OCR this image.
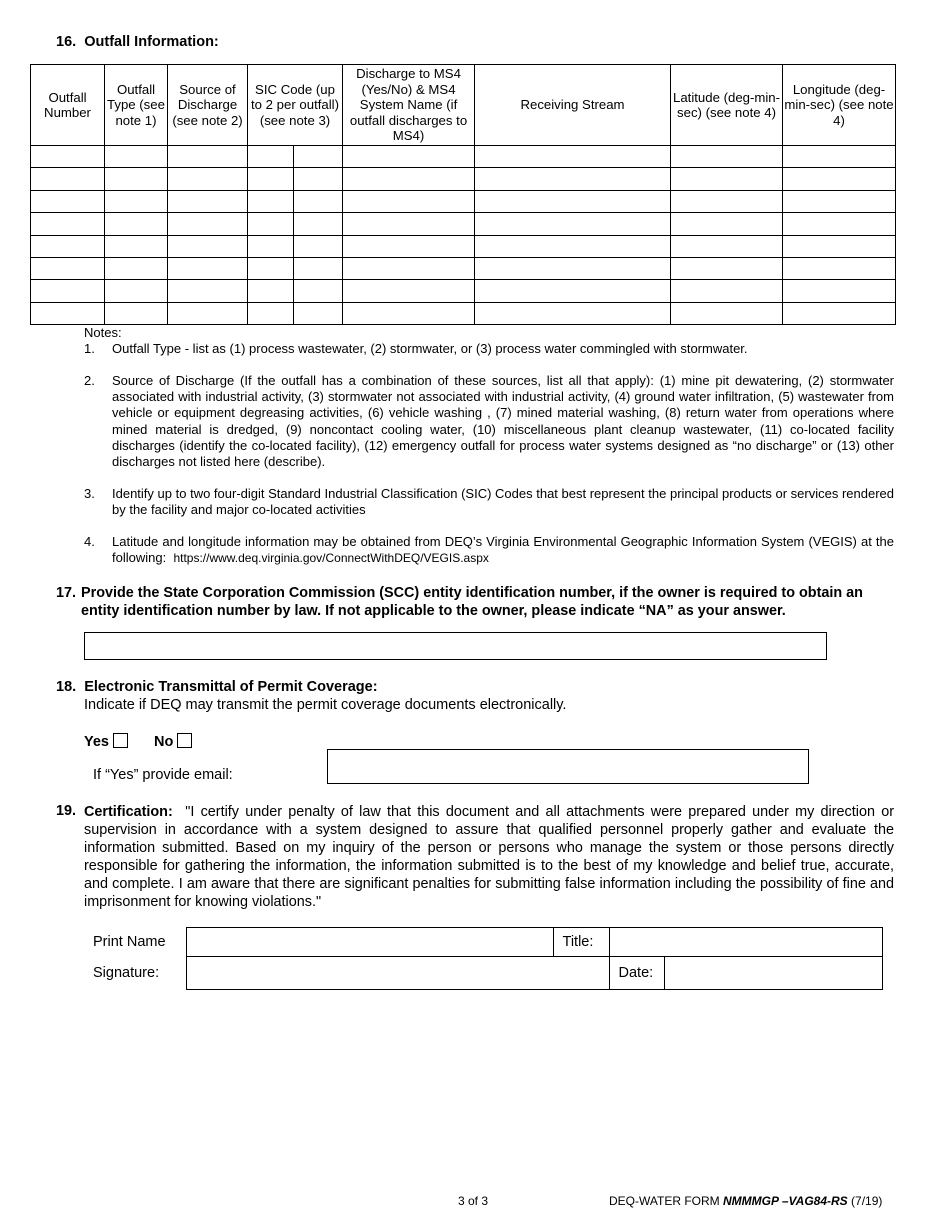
16. Outfall Information:
Outfall Number	Outfall Type (see note 1)	Source of Discharge (see note 2)	SIC Code (up to 2 per outfall) (see note 3)		Discharge to MS4 (Yes/No) & MS4 System Name (if outfall discharges to MS4)	Receiving Stream	Latitude (deg-min-sec) (see note 4)	Longitude (deg-min-sec) (see note 4)

Notes:
1. Outfall Type - list as (1) process wastewater, (2) stormwater, or (3) process water commingled with stormwater.
2. Source of Discharge (If the outfall has a combination of these sources, list all that apply): (1) mine pit dewatering, (2) stormwater associated with industrial activity, (3) stormwater not associated with industrial activity, (4) ground water infiltration, (5) wastewater from vehicle or equipment degreasing activities, (6) vehicle washing , (7) mined material washing, (8) return water from operations where mined material is dredged, (9) noncontact cooling water, (10) miscellaneous plant cleanup wastewater, (11) co-located facility discharges (identify the co-located facility), (12) emergency outfall for process water systems designed as “no discharge” or (13) other discharges not listed here (describe).
3. Identify up to two four-digit Standard Industrial Classification (SIC) Codes that best represent the principal products or services rendered by the facility and major co-located activities
4. Latitude and longitude information may be obtained from DEQ’s Virginia Environmental Geographic Information System (VEGIS) at the following: https://www.deq.virginia.gov/ConnectWithDEQ/VEGIS.aspx
17. Provide the State Corporation Commission (SCC) entity identification number, if the owner is required to obtain an entity identification number by law. If not applicable to the owner, please indicate “NA” as your answer.
18. Electronic Transmittal of Permit Coverage:
Indicate if DEQ may transmit the permit coverage documents electronically.
Yes	No
If “Yes” provide email:
19. Certification: "I certify under penalty of law that this document and all attachments were prepared under my direction or supervision in accordance with a system designed to assure that qualified personnel properly gather and evaluate the information submitted. Based on my inquiry of the person or persons who manage the system or those persons directly responsible for gathering the information, the information submitted is to the best of my knowledge and belief true, accurate, and complete. I am aware that there are significant penalties for submitting false information including the possibility of fine and imprisonment for knowing violations."
Print Name		Title:	
Signature:			Date:	
3 of 3	DEQ-WATER FORM NMMMGP –VAG84-RS (7/19)
